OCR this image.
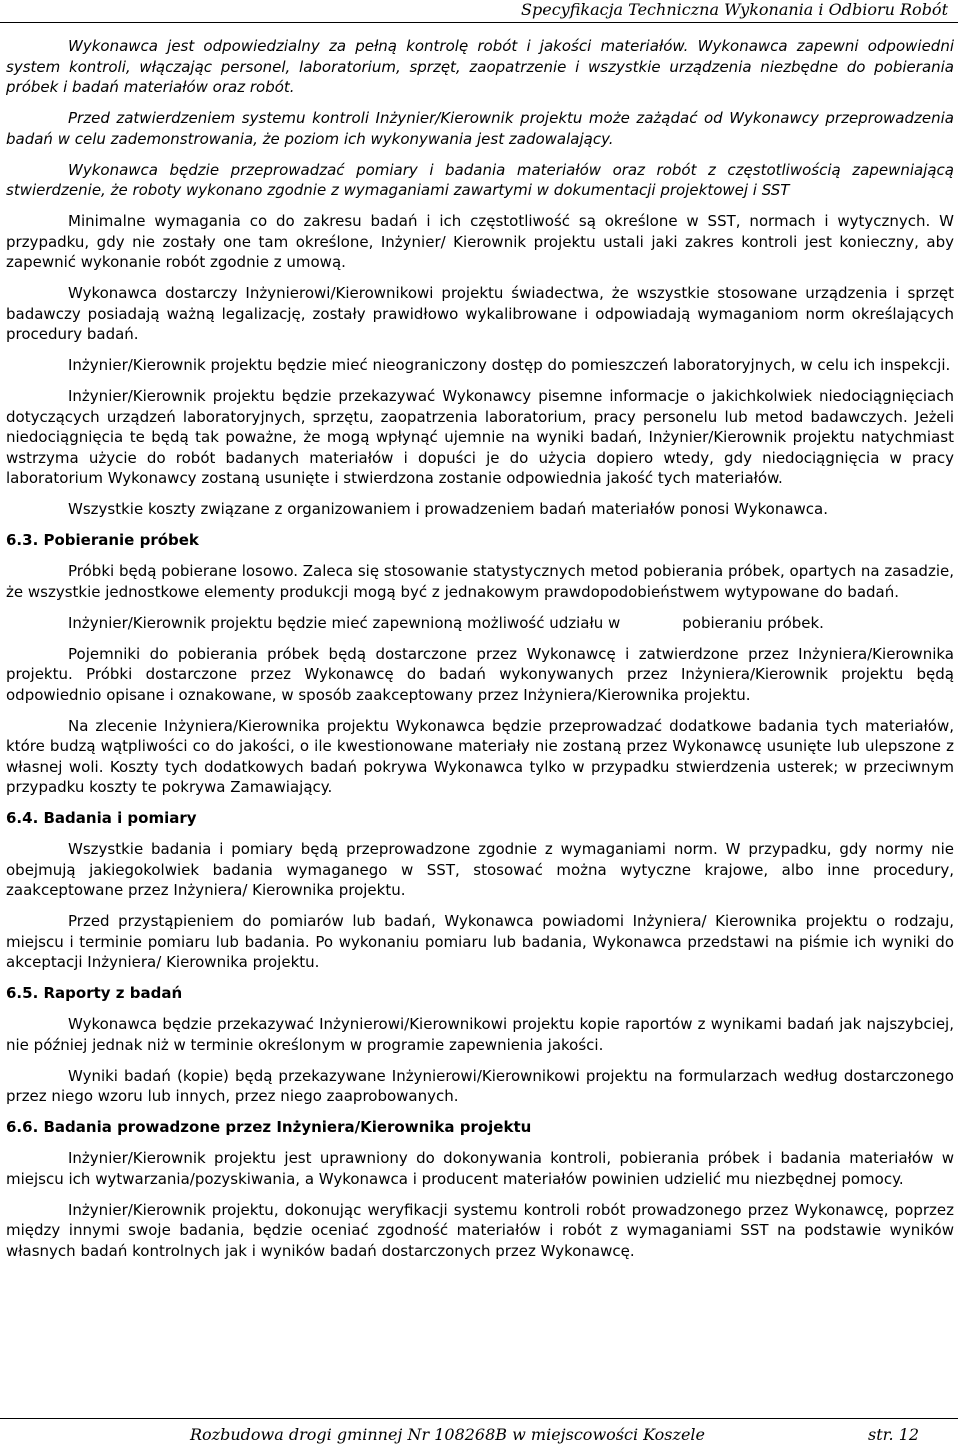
Specyfikacja Techniczna Wykonania i Odbioru Robót

Wykonawca jest odpowiedzialny za pełną kontrolę robót i jakości materiałów. Wykonawca zapewni odpowiedni system kontroli, włączając personel, laboratorium, sprzęt, zaopatrzenie i wszystkie urządzenia niezbędne do pobierania próbek i badań materiałów oraz robót.

Przed zatwierdzeniem systemu kontroli Inżynier/Kierownik projektu może zażądać od Wykonawcy przeprowadzenia badań w celu zademonstrowania, że poziom ich wykonywania jest zadowalający.

Wykonawca będzie przeprowadzać pomiary i badania materiałów oraz robót z częstotliwością zapewniającą stwierdzenie, że roboty wykonano zgodnie z wymaganiami zawartymi w dokumentacji projektowej i SST

Minimalne wymagania co do zakresu badań i ich częstotliwość są określone w SST, normach i wytycznych. W przypadku, gdy nie zostały one tam określone, Inżynier/ Kierownik projektu ustali jaki zakres kontroli jest konieczny, aby zapewnić wykonanie robót zgodnie z umową.

Wykonawca dostarczy Inżynierowi/Kierownikowi projektu świadectwa, że wszystkie stosowane urządzenia i sprzęt badawczy posiadają ważną legalizację, zostały prawidłowo wykalibrowane i odpowiadają wymaganiom norm określających procedury badań.

Inżynier/Kierownik projektu będzie mieć nieograniczony dostęp do pomieszczeń laboratoryjnych, w celu ich inspekcji.

Inżynier/Kierownik projektu będzie przekazywać Wykonawcy pisemne informacje o jakichkolwiek niedociągnięciach dotyczących urządzeń laboratoryjnych, sprzętu, zaopatrzenia laboratorium, pracy personelu lub metod badawczych. Jeżeli niedociągnięcia te będą tak poważne, że mogą wpłynąć ujemnie na wyniki badań, Inżynier/Kierownik projektu natychmiast wstrzyma użycie do robót badanych materiałów i dopuści je do użycia dopiero wtedy, gdy niedociągnięcia w pracy laboratorium Wykonawcy zostaną usunięte i stwierdzona zostanie odpowiednia jakość tych materiałów.

Wszystkie koszty związane z organizowaniem i prowadzeniem badań materiałów ponosi Wykonawca.

6.3. Pobieranie próbek

Próbki będą pobierane losowo. Zaleca się stosowanie statystycznych metod pobierania próbek, opartych na zasadzie, że wszystkie jednostkowe elementy produkcji mogą być z jednakowym prawdopodobieństwem wytypowane do badań.

Inżynier/Kierownik projektu będzie mieć zapewnioną możliwość udziału w             pobieraniu próbek.

Pojemniki do pobierania próbek będą dostarczone przez Wykonawcę i zatwierdzone przez Inżyniera/Kierownika projektu. Próbki dostarczone przez Wykonawcę do badań wykonywanych przez Inżyniera/Kierownik projektu będą odpowiednio opisane i oznakowane, w sposób zaakceptowany przez Inżyniera/Kierownika projektu.

Na zlecenie Inżyniera/Kierownika projektu Wykonawca będzie przeprowadzać dodatkowe badania tych materiałów, które budzą wątpliwości co do jakości, o ile kwestionowane materiały nie zostaną przez Wykonawcę usunięte lub ulepszone z własnej woli. Koszty tych dodatkowych badań pokrywa Wykonawca tylko w przypadku stwierdzenia usterek; w przeciwnym przypadku koszty te pokrywa Zamawiający.

6.4. Badania i pomiary

Wszystkie badania i pomiary będą przeprowadzone zgodnie z wymaganiami norm. W przypadku, gdy normy nie obejmują jakiegokolwiek badania wymaganego w SST, stosować można wytyczne krajowe, albo inne procedury, zaakceptowane przez Inżyniera/ Kierownika projektu.

Przed przystąpieniem do pomiarów lub badań, Wykonawca powiadomi Inżyniera/ Kierownika projektu o rodzaju, miejscu i terminie pomiaru lub badania. Po wykonaniu pomiaru lub badania, Wykonawca przedstawi na piśmie ich wyniki do akceptacji Inżyniera/ Kierownika projektu.

6.5. Raporty z badań

Wykonawca będzie przekazywać Inżynierowi/Kierownikowi projektu kopie raportów z wynikami badań jak najszybciej, nie później jednak niż w terminie określonym w programie zapewnienia jakości.

Wyniki badań (kopie) będą przekazywane Inżynierowi/Kierownikowi projektu na formularzach według dostarczonego przez niego wzoru lub innych, przez niego zaaprobowanych.

6.6. Badania prowadzone przez Inżyniera/Kierownika projektu

Inżynier/Kierownik projektu jest uprawniony do dokonywania kontroli, pobierania próbek i badania materiałów w miejscu ich wytwarzania/pozyskiwania, a Wykonawca i producent materiałów powinien udzielić mu niezbędnej pomocy.

Inżynier/Kierownik projektu, dokonując weryfikacji systemu kontroli robót prowadzonego przez Wykonawcę, poprzez między innymi swoje badania, będzie oceniać zgodność materiałów i robót z wymaganiami SST na podstawie wyników własnych badań kontrolnych jak i wyników badań dostarczonych przez Wykonawcę.

Rozbudowa drogi gminnej Nr 108268B w miejscowości Koszele	str. 12
